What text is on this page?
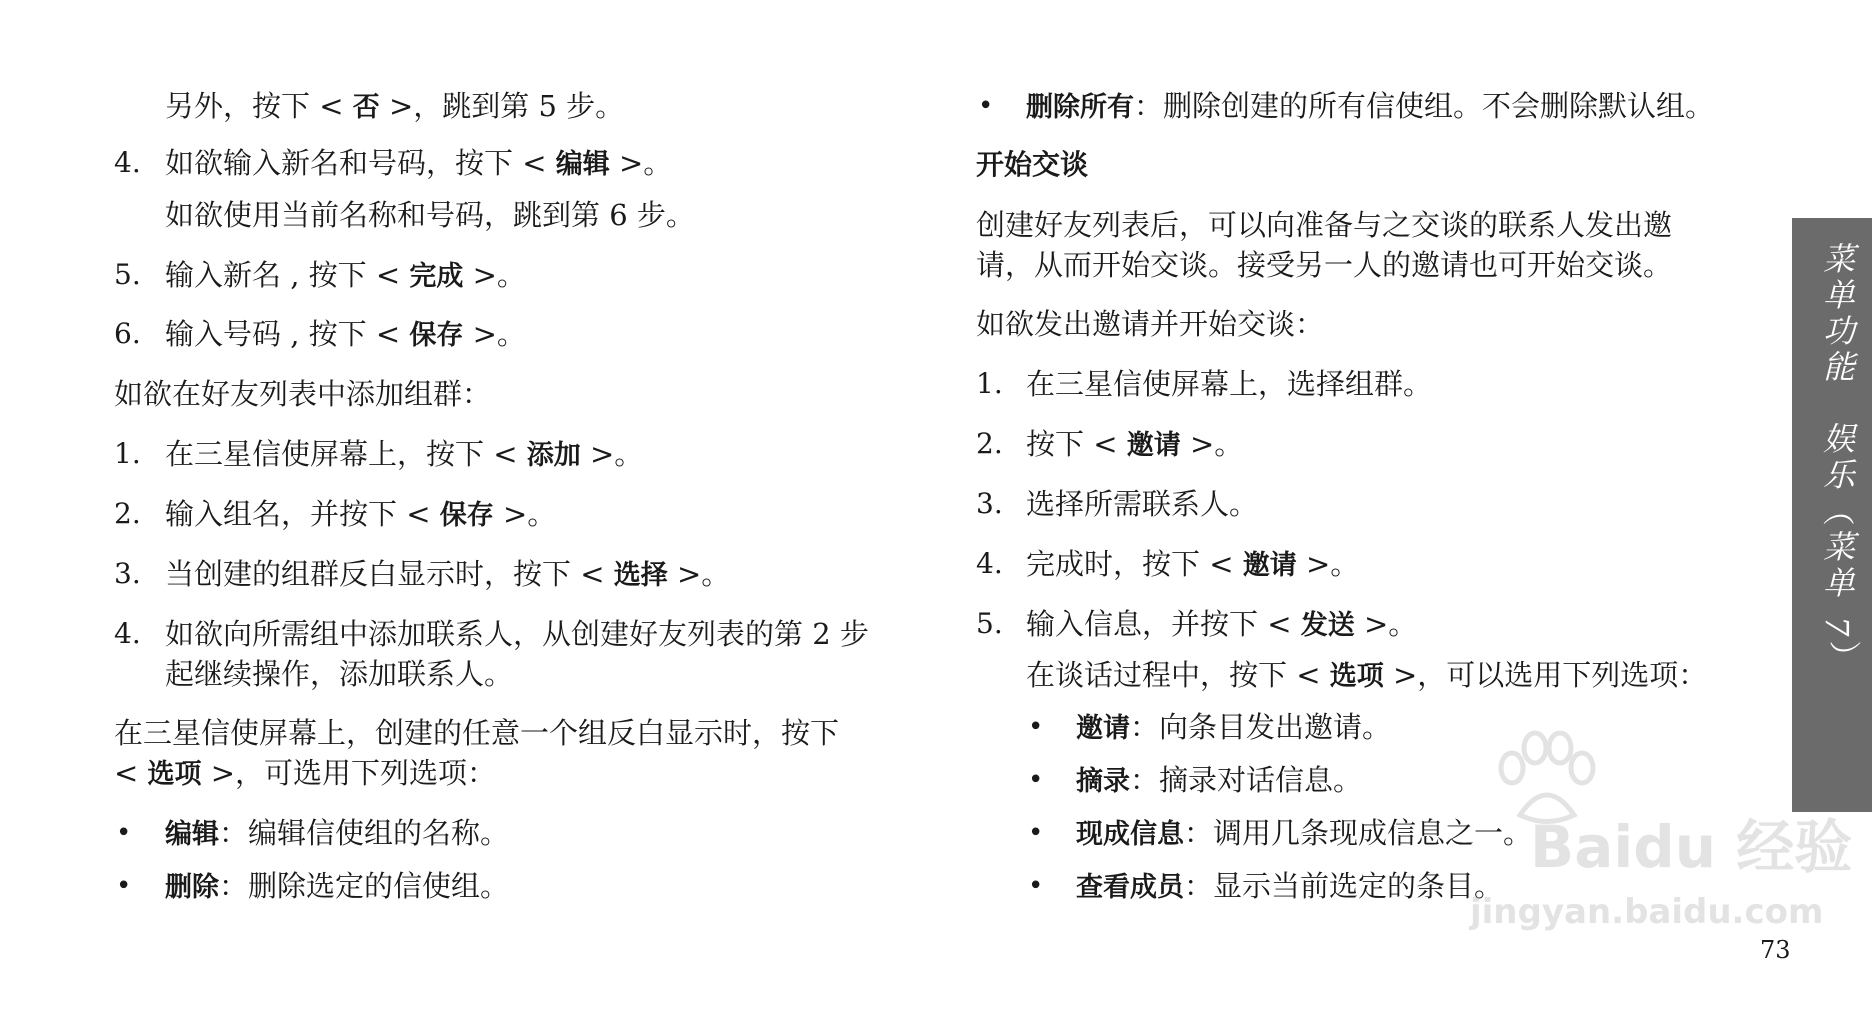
另外，按下 < 否 >，跳到第 5 步。
4. 如欲输入新名和号码，按下 < 编辑 >。
如欲使用当前名称和号码，跳到第 6 步。
5. 输入新名 , 按下 < 完成 >。
6. 输入号码 , 按下 < 保存 >。
如欲在好友列表中添加组群：
1. 在三星信使屏幕上，按下 < 添加 >。
2. 输入组名，并按下 < 保存 >。
3. 当创建的组群反白显示时，按下 < 选择 >。
4. 如欲向所需组中添加联系人，从创建好友列表的第 2 步
起继续操作，添加联系人。
在三星信使屏幕上，创建的任意一个组反白显示时，按下
< 选项 >，可选用下列选项：
• 编辑：编辑信使组的名称。
• 删除：删除选定的信使组。
• 删除所有：删除创建的所有信使组。不会删除默认组。
开始交谈
创建好友列表后，可以向准备与之交谈的联系人发出邀
请，从而开始交谈。接受另一人的邀请也可开始交谈。
如欲发出邀请并开始交谈：
1. 在三星信使屏幕上，选择组群。
2. 按下 < 邀请 >。
3. 选择所需联系人。
4. 完成时，按下 < 邀请 >。
5. 输入信息，并按下 < 发送 >。
在谈话过程中，按下 < 选项 >，可以选用下列选项：
• 邀请：向条目发出邀请。
• 摘录：摘录对话信息。
• 现成信息：调用几条现成信息之一。
• 查看成员：显示当前选定的条目。
菜单功能　娱乐（菜单 7）
Baidu 经验
jingyan.baidu.com
73
